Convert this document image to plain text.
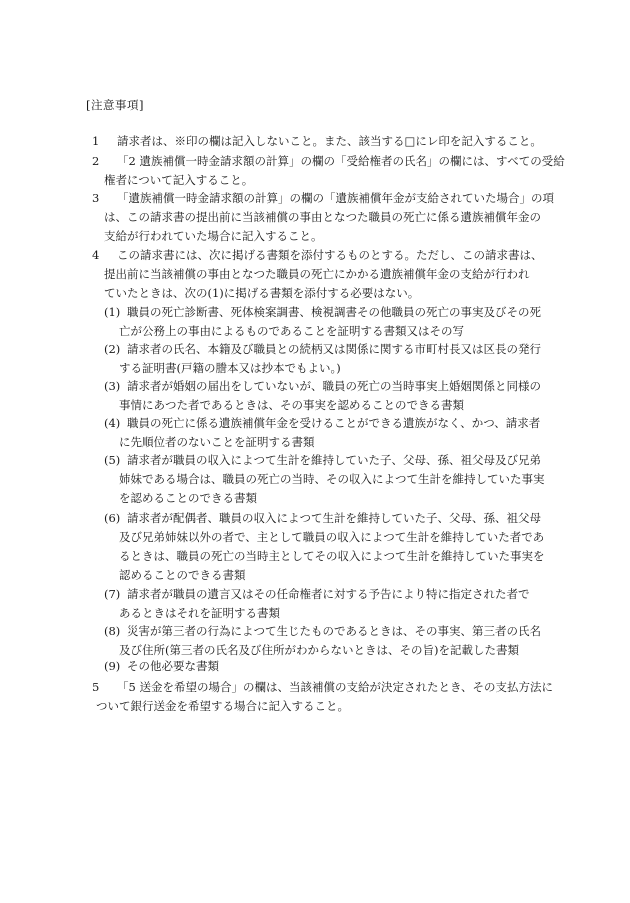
[注意事項]
1 請求者は、※印の欄は記入しないこと。また、該当する□にレ印を記入すること。
2 「2 遺族補償一時金請求額の計算」の欄の「受給権者の氏名」の欄には、すべての受給
権者について記入すること。
3 「遺族補償一時金請求額の計算」の欄の「遺族補償年金が支給されていた場合」の項
は、この請求書の提出前に当該補償の事由となつた職員の死亡に係る遺族補償年金の
支給が行われていた場合に記入すること。
4 この請求書には、次に掲げる書類を添付するものとする。ただし、この請求書は、
提出前に当該補償の事由となつた職員の死亡にかかる遺族補償年金の支給が行われ
ていたときは、次の(1)に掲げる書類を添付する必要はない。
(1) 職員の死亡診断書、死体検案調書、検視調書その他職員の死亡の事実及びその死
亡が公務上の事由によるものであることを証明する書類又はその写
(2) 請求者の氏名、本籍及び職員との続柄又は関係に関する市町村長又は区長の発行
する証明書(戸籍の謄本又は抄本でもよい。)
(3) 請求者が婚姻の届出をしていないが、職員の死亡の当時事実上婚姻関係と同様の
事情にあつた者であるときは、その事実を認めることのできる書類
(4) 職員の死亡に係る遺族補償年金を受けることができる遺族がなく、かつ、請求者
に先順位者のないことを証明する書類
(5) 請求者が職員の収入によつて生計を維持していた子、父母、孫、祖父母及び兄弟
姉妹である場合は、職員の死亡の当時、その収入によつて生計を維持していた事実
を認めることのできる書類
(6) 請求者が配偶者、職員の収入によつて生計を維持していた子、父母、孫、祖父母
及び兄弟姉妹以外の者で、主として職員の収入によつて生計を維持していた者であ
るときは、職員の死亡の当時主としてその収入によつて生計を維持していた事実を
認めることのできる書類
(7) 請求者が職員の遺言又はその任命権者に対する予告により特に指定された者で
あるときはそれを証明する書類
(8) 災害が第三者の行為によつて生じたものであるときは、その事実、第三者の氏名
及び住所(第三者の氏名及び住所がわからないときは、その旨)を記載した書類
(9) その他必要な書類
5 「5 送金を希望の場合」の欄は、当該補償の支給が決定されたとき、その支払方法に
ついて銀行送金を希望する場合に記入すること。
